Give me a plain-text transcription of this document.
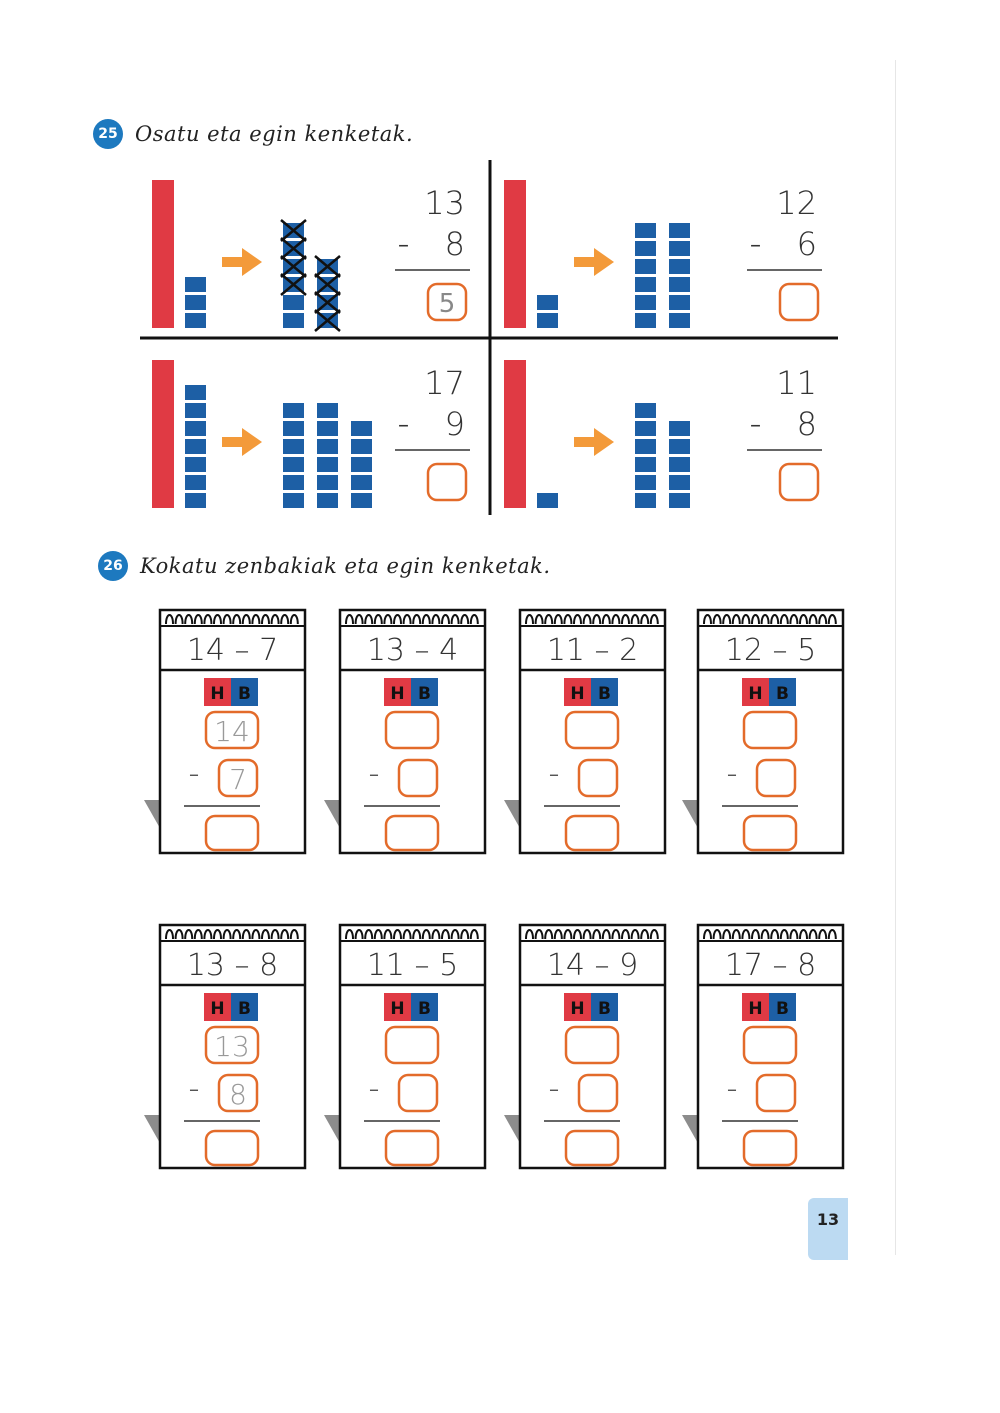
25 Osatu eta egin kenketak.
13
– 8
5
12
– 6
17
– 9
11
– 8
26 Kokatu zenbakiak eta egin kenketak.
14 – 7
H B
14
– 7
13 – 4
H B
–
11 – 2
H B
–
12 – 5
H B
–
13 – 8
H B
13
– 8
11 – 5
H B
–
14 – 9
H B
–
17 – 8
H B
–
13
